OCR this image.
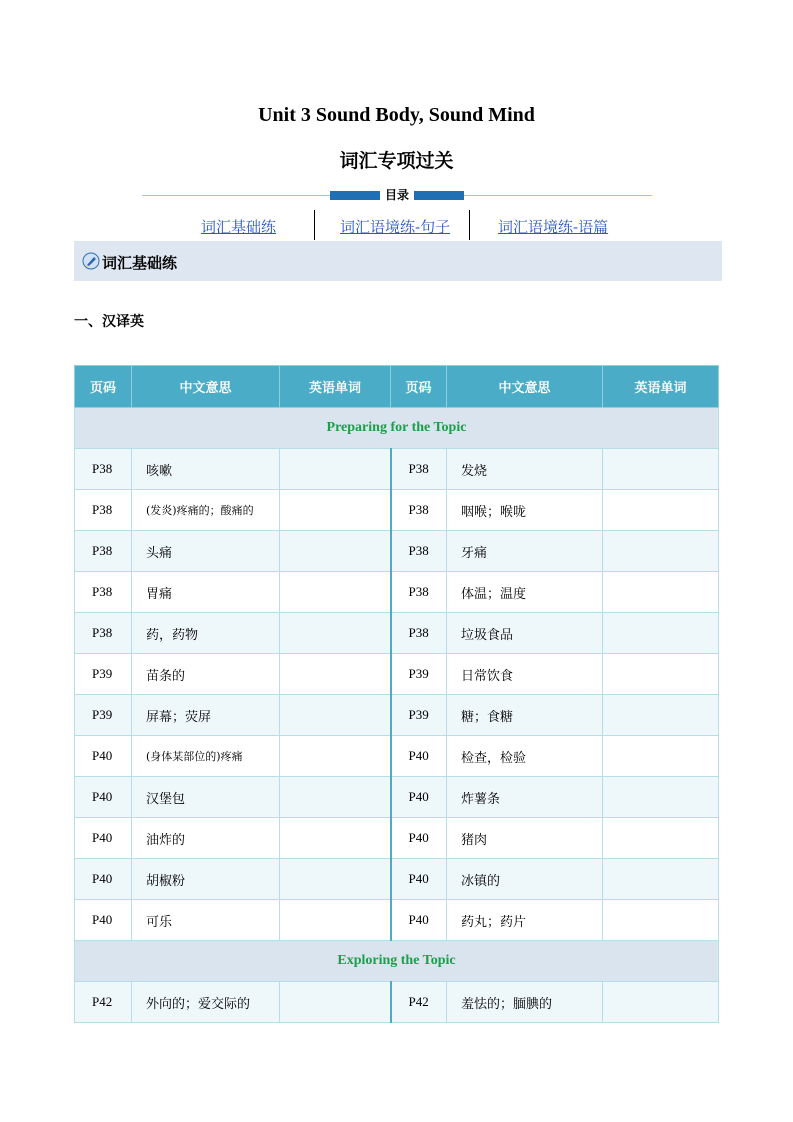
Unit 3 Sound Body, Sound Mind
词汇专项过关
目录
词汇基础练	词汇语境练-句子	词汇语境练-语篇
词汇基础练
一、汉译英
页码	中文意思	英语单词	页码	中文意思	英语单词
Preparing for the Topic					
P38	咳嗽		P38	发烧	
P38	(发炎)疼痛的；酸痛的		P38	咽喉；喉咙	
P38	头痛		P38	牙痛	
P38	胃痛		P38	体温；温度	
P38	药，药物		P38	垃圾食品	
P39	苗条的		P39	日常饮食	
P39	屏幕；荧屏		P39	糖；食糖	
P40	(身体某部位的)疼痛		P40	检查，检验	
P40	汉堡包		P40	炸薯条	
P40	油炸的		P40	猪肉	
P40	胡椒粉		P40	冰镇的	
P40	可乐		P40	药丸；药片	
Exploring the Topic					
P42	外向的；爱交际的		P42	羞怯的；腼腆的	
